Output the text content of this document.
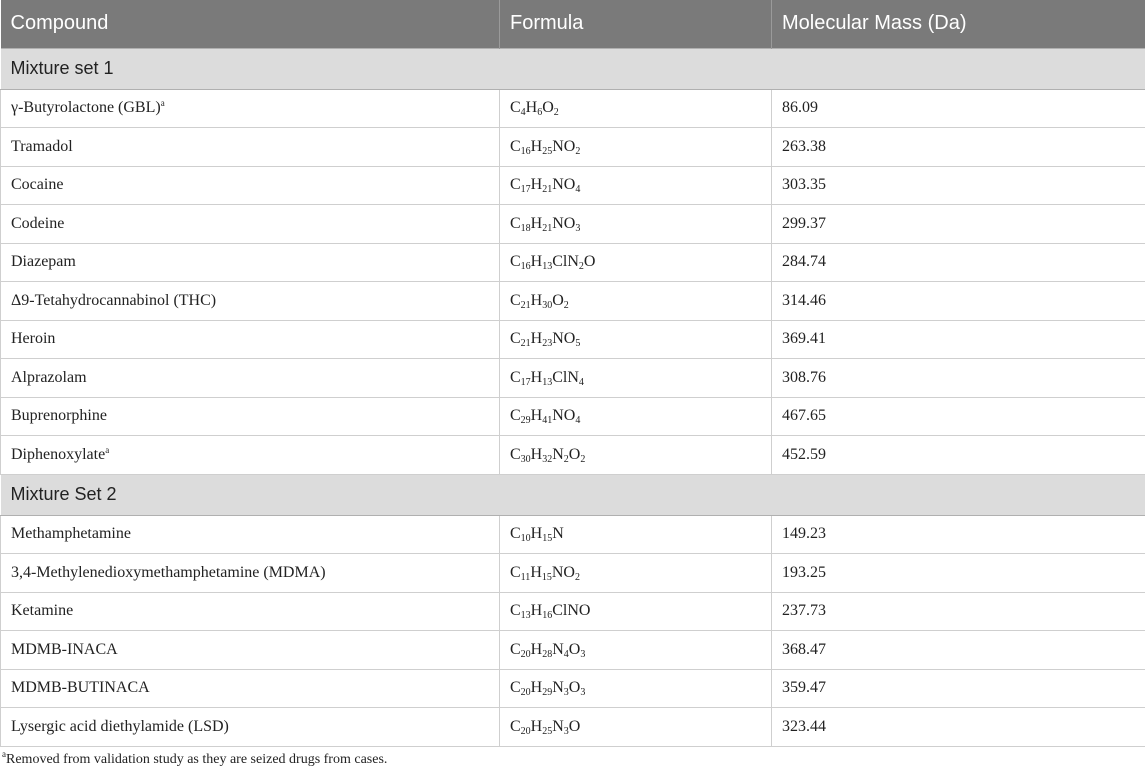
Compound	Formula	Molecular Mass (Da)
Mixture set 1		
γ-Butyrolactone (GBL)$^a$	$C_4H_6O_2$	86.09
Tramadol	$C_{16}H_{25}NO_2$	263.38
Cocaine	$C_{17}H_{21}NO_4$	303.35
Codeine	$C_{18}H_{21}NO_3$	299.37
Diazepam	$C_{16}H_{13}ClN_2O$	284.74
Δ9-Tetahydrocannabinol (THC)	$C_{21}H_{30}O_2$	314.46
Heroin	$C_{21}H_{23}NO_5$	369.41
Alprazolam	$C_{17}H_{13}ClN_4$	308.76
Buprenorphine	$C_{29}H_{41}NO_4$	467.65
Diphenoxylate$^a$	$C_{30}H_{32}N_2O_2$	452.59
Mixture Set 2		
Methamphetamine	$C_{10}H_{15}N$	149.23
3,4-Methylenedioxymethamphetamine (MDMA)	$C_{11}H_{15}NO_2$	193.25
Ketamine	$C_{13}H_{16}ClNO$	237.73
MDMB-INACA	$C_{20}H_{28}N_4O_3$	368.47
MDMB-BUTINACA	$C_{20}H_{29}N_3O_3$	359.47
Lysergic acid diethylamide (LSD)	$C_{20}H_{25}N_3O$	323.44
$^a$Removed from validation study as they are seized drugs from cases.
